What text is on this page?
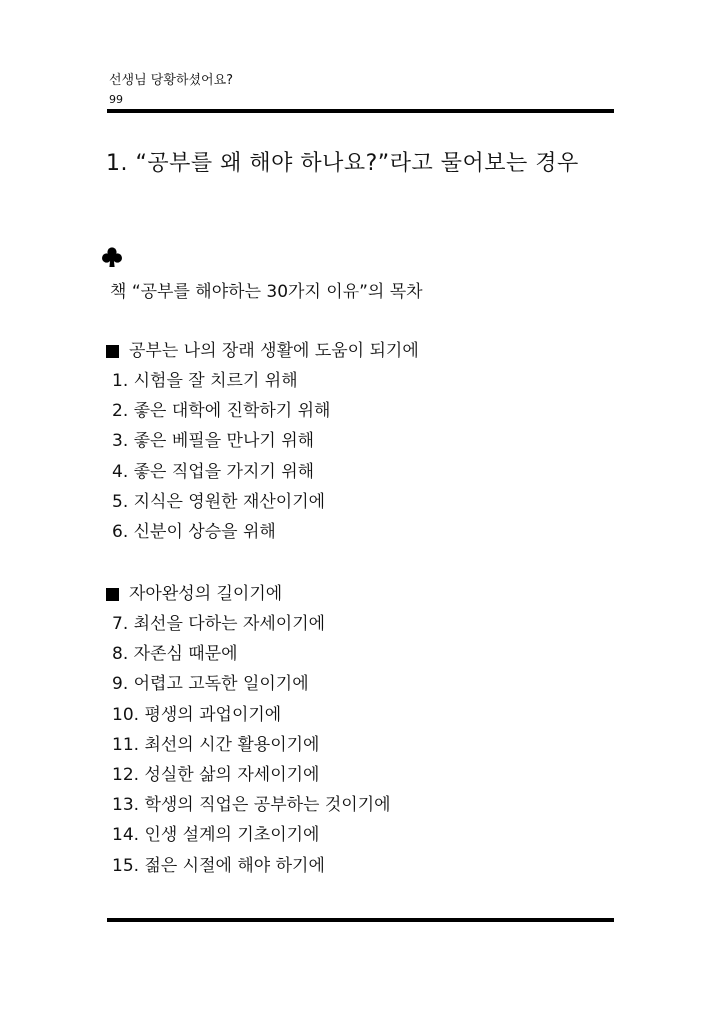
선생님 당황하셨어요?
99
1. “공부를 왜 해야 하나요?”라고 물어보는 경우
책 “공부를 해야하는 30가지 이유”의 목차
공부는 나의 장래 생활에 도움이 되기에
1. 시험을 잘 치르기 위해
2. 좋은 대학에 진학하기 위해
3. 좋은 베필을 만나기 위해
4. 좋은 직업을 가지기 위해
5. 지식은 영원한 재산이기에
6. 신분이 상승을 위해
자아완성의 길이기에
7. 최선을 다하는 자세이기에
8. 자존심 때문에
9. 어렵고 고독한 일이기에
10. 평생의 과업이기에
11. 최선의 시간 활용이기에
12. 성실한 삶의 자세이기에
13. 학생의 직업은 공부하는 것이기에
14. 인생 설계의 기초이기에
15. 젊은 시절에 해야 하기에
